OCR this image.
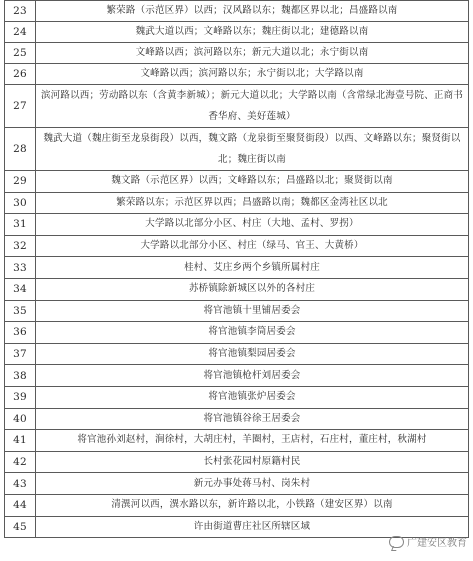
23	繁荣路（示范区界）以西；汉风路以东；魏都区界以北；昌盛路以南
24	魏武大道以西；文峰路以东；魏庄街以北；建德路以南
25	文峰路以西；滨河路以东；新元大道以北；永宁街以南
26	文峰路以西；滨河路以东；永宁街以北；大学路以南
27	滨河路以西；劳动路以东（含黄李新城）；新元大道以北；大学路以南（含常绿北海壹号院、正商书香华府、美好莲城）
28	魏武大道（魏庄街至龙泉街段）以西，魏文路（龙泉街至聚贤街段）以西、文峰路以东；聚贤街以北；魏庄街以南
29	魏文路（示范区界）以西；文峰路以东；昌盛路以北；聚贤街以南
30	繁荣路以东；示范区界以西；昌盛路以南；魏都区金湾社区以北
31	大学路以北部分小区、村庄（大地、孟村、罗拐）
32	大学路以北部分小区、村庄（绿马、官王、大黄桥）
33	桂村、艾庄乡两个乡镇所属村庄
34	苏桥镇除新城区以外的各村庄
35	将官池镇十里铺居委会
36	将官池镇李筒居委会
37	将官池镇梨园居委会
38	将官池镇枪杆刘居委会
39	将官池镇张炉居委会
40	将官池镇谷徐王居委会
41	将官池孙刘赵村，涧徐村，大胡庄村，羊圈村，王店村，石庄村，董庄村，秋湖村
42	长村张花园村原籍村民
43	新元办事处蒋马村、岗朱村
44	清潩河以西，潩水路以东，新许路以北，小铁路（建安区界）以南
45	许由街道曹庄社区所辖区域
广建安区教育
